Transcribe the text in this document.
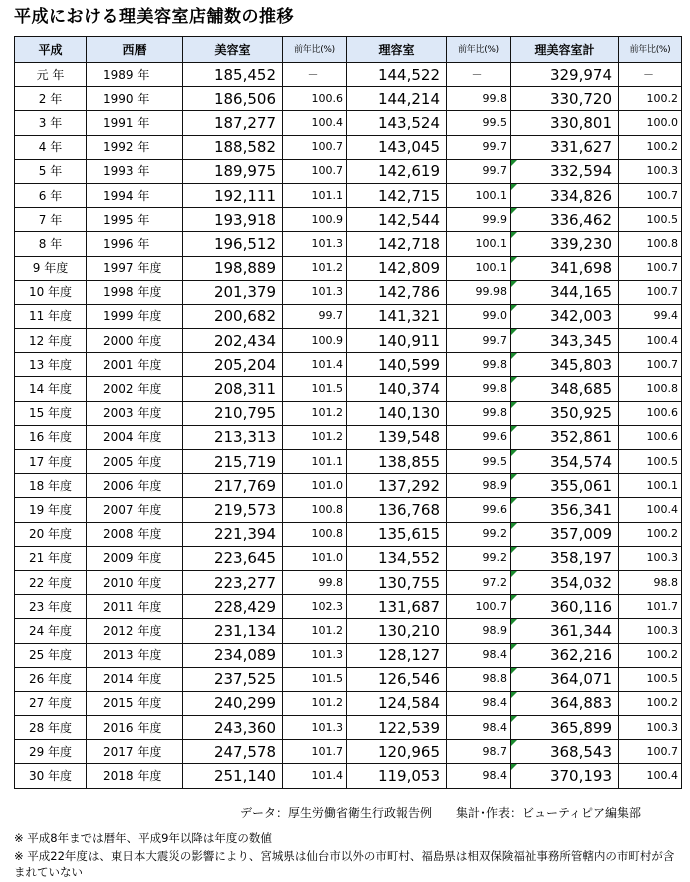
平成における理美容室店舗数の推移
平成	西暦	美容室	前年比(%)	理容室	前年比(%)	理美容室計	前年比(%)
元 年	1989 年	185,452	－	144,522	－	329,974	－
2 年	1990 年	186,506	100.6	144,214	99.8	330,720	100.2
3 年	1991 年	187,277	100.4	143,524	99.5	330,801	100.0
4 年	1992 年	188,582	100.7	143,045	99.7	331,627	100.2
5 年	1993 年	189,975	100.7	142,619	99.7	332,594	100.3
6 年	1994 年	192,111	101.1	142,715	100.1	334,826	100.7
7 年	1995 年	193,918	100.9	142,544	99.9	336,462	100.5
8 年	1996 年	196,512	101.3	142,718	100.1	339,230	100.8
9 年度	1997 年度	198,889	101.2	142,809	100.1	341,698	100.7
10 年度	1998 年度	201,379	101.3	142,786	99.98	344,165	100.7
11 年度	1999 年度	200,682	99.7	141,321	99.0	342,003	99.4
12 年度	2000 年度	202,434	100.9	140,911	99.7	343,345	100.4
13 年度	2001 年度	205,204	101.4	140,599	99.8	345,803	100.7
14 年度	2002 年度	208,311	101.5	140,374	99.8	348,685	100.8
15 年度	2003 年度	210,795	101.2	140,130	99.8	350,925	100.6
16 年度	2004 年度	213,313	101.2	139,548	99.6	352,861	100.6
17 年度	2005 年度	215,719	101.1	138,855	99.5	354,574	100.5
18 年度	2006 年度	217,769	101.0	137,292	98.9	355,061	100.1
19 年度	2007 年度	219,573	100.8	136,768	99.6	356,341	100.4
20 年度	2008 年度	221,394	100.8	135,615	99.2	357,009	100.2
21 年度	2009 年度	223,645	101.0	134,552	99.2	358,197	100.3
22 年度	2010 年度	223,277	99.8	130,755	97.2	354,032	98.8
23 年度	2011 年度	228,429	102.3	131,687	100.7	360,116	101.7
24 年度	2012 年度	231,134	101.2	130,210	98.9	361,344	100.3
25 年度	2013 年度	234,089	101.3	128,127	98.4	362,216	100.2
26 年度	2014 年度	237,525	101.5	126,546	98.8	364,071	100.5
27 年度	2015 年度	240,299	101.2	124,584	98.4	364,883	100.2
28 年度	2016 年度	243,360	101.3	122,539	98.4	365,899	100.3
29 年度	2017 年度	247,578	101.7	120,965	98.7	368,543	100.7
30 年度	2018 年度	251,140	101.4	119,053	98.4	370,193	100.4
データ：厚生労働省衛生行政報告例　　集計･作表：ビューティピア編集部
※ 平成8年までは暦年、平成9年以降は年度の数値
※ 平成22年度は、東日本大震災の影響により、宮城県は仙台市以外の市町村、福島県は相双保険福祉事務所管轄内の市町村が含まれていない
